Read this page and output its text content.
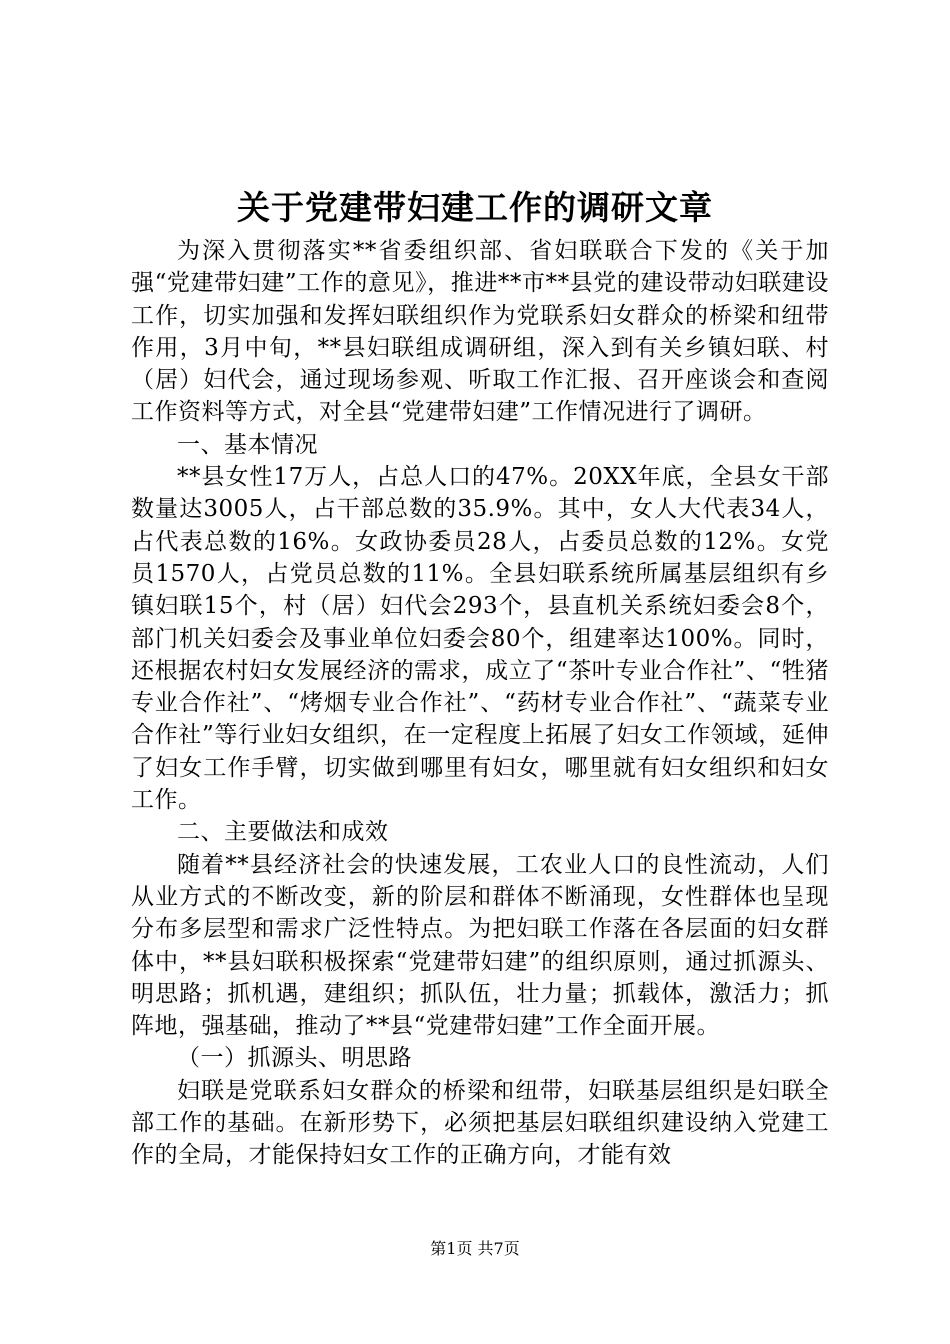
关于党建带妇建工作的调研文章

为深入贯彻落实**省委组织部、省妇联联合下发的《关于加强“党建带妇建”工作的意见》，推进**市**县党的建设带动妇联建设工作，切实加强和发挥妇联组织作为党联系妇女群众的桥梁和纽带作用，3月中旬，**县妇联组成调研组，深入到有关乡镇妇联、村（居）妇代会，通过现场参观、听取工作汇报、召开座谈会和查阅工作资料等方式，对全县“党建带妇建”工作情况进行了调研。

一、基本情况

**县女性17万人，占总人口的47%。20XX年底，全县女干部数量达3005人，占干部总数的35.9%。其中，女人大代表34人，占代表总数的16%。女政协委员28人，占委员总数的12%。女党员1570人，占党员总数的11%。全县妇联系统所属基层组织有乡镇妇联15个，村（居）妇代会293个，县直机关系统妇委会8个，部门机关妇委会及事业单位妇委会80个，组建率达100%。同时，还根据农村妇女发展经济的需求，成立了“茶叶专业合作社”、“牲猪专业合作社”、“烤烟专业合作社”、“药材专业合作社”、“蔬菜专业合作社”等行业妇女组织，在一定程度上拓展了妇女工作领域，延伸了妇女工作手臂，切实做到哪里有妇女，哪里就有妇女组织和妇女工作。

二、主要做法和成效

随着**县经济社会的快速发展，工农业人口的良性流动，人们从业方式的不断改变，新的阶层和群体不断涌现，女性群体也呈现分布多层型和需求广泛性特点。为把妇联工作落在各层面的妇女群体中，**县妇联积极探索“党建带妇建”的组织原则，通过抓源头、明思路；抓机遇，建组织；抓队伍，壮力量；抓载体，激活力；抓阵地，强基础，推动了**县“党建带妇建”工作全面开展。

（一）抓源头、明思路

妇联是党联系妇女群众的桥梁和纽带，妇联基层组织是妇联全部工作的基础。在新形势下，必须把基层妇联组织建设纳入党建工作的全局，才能保持妇女工作的正确方向，才能有效

第1页 共7页
